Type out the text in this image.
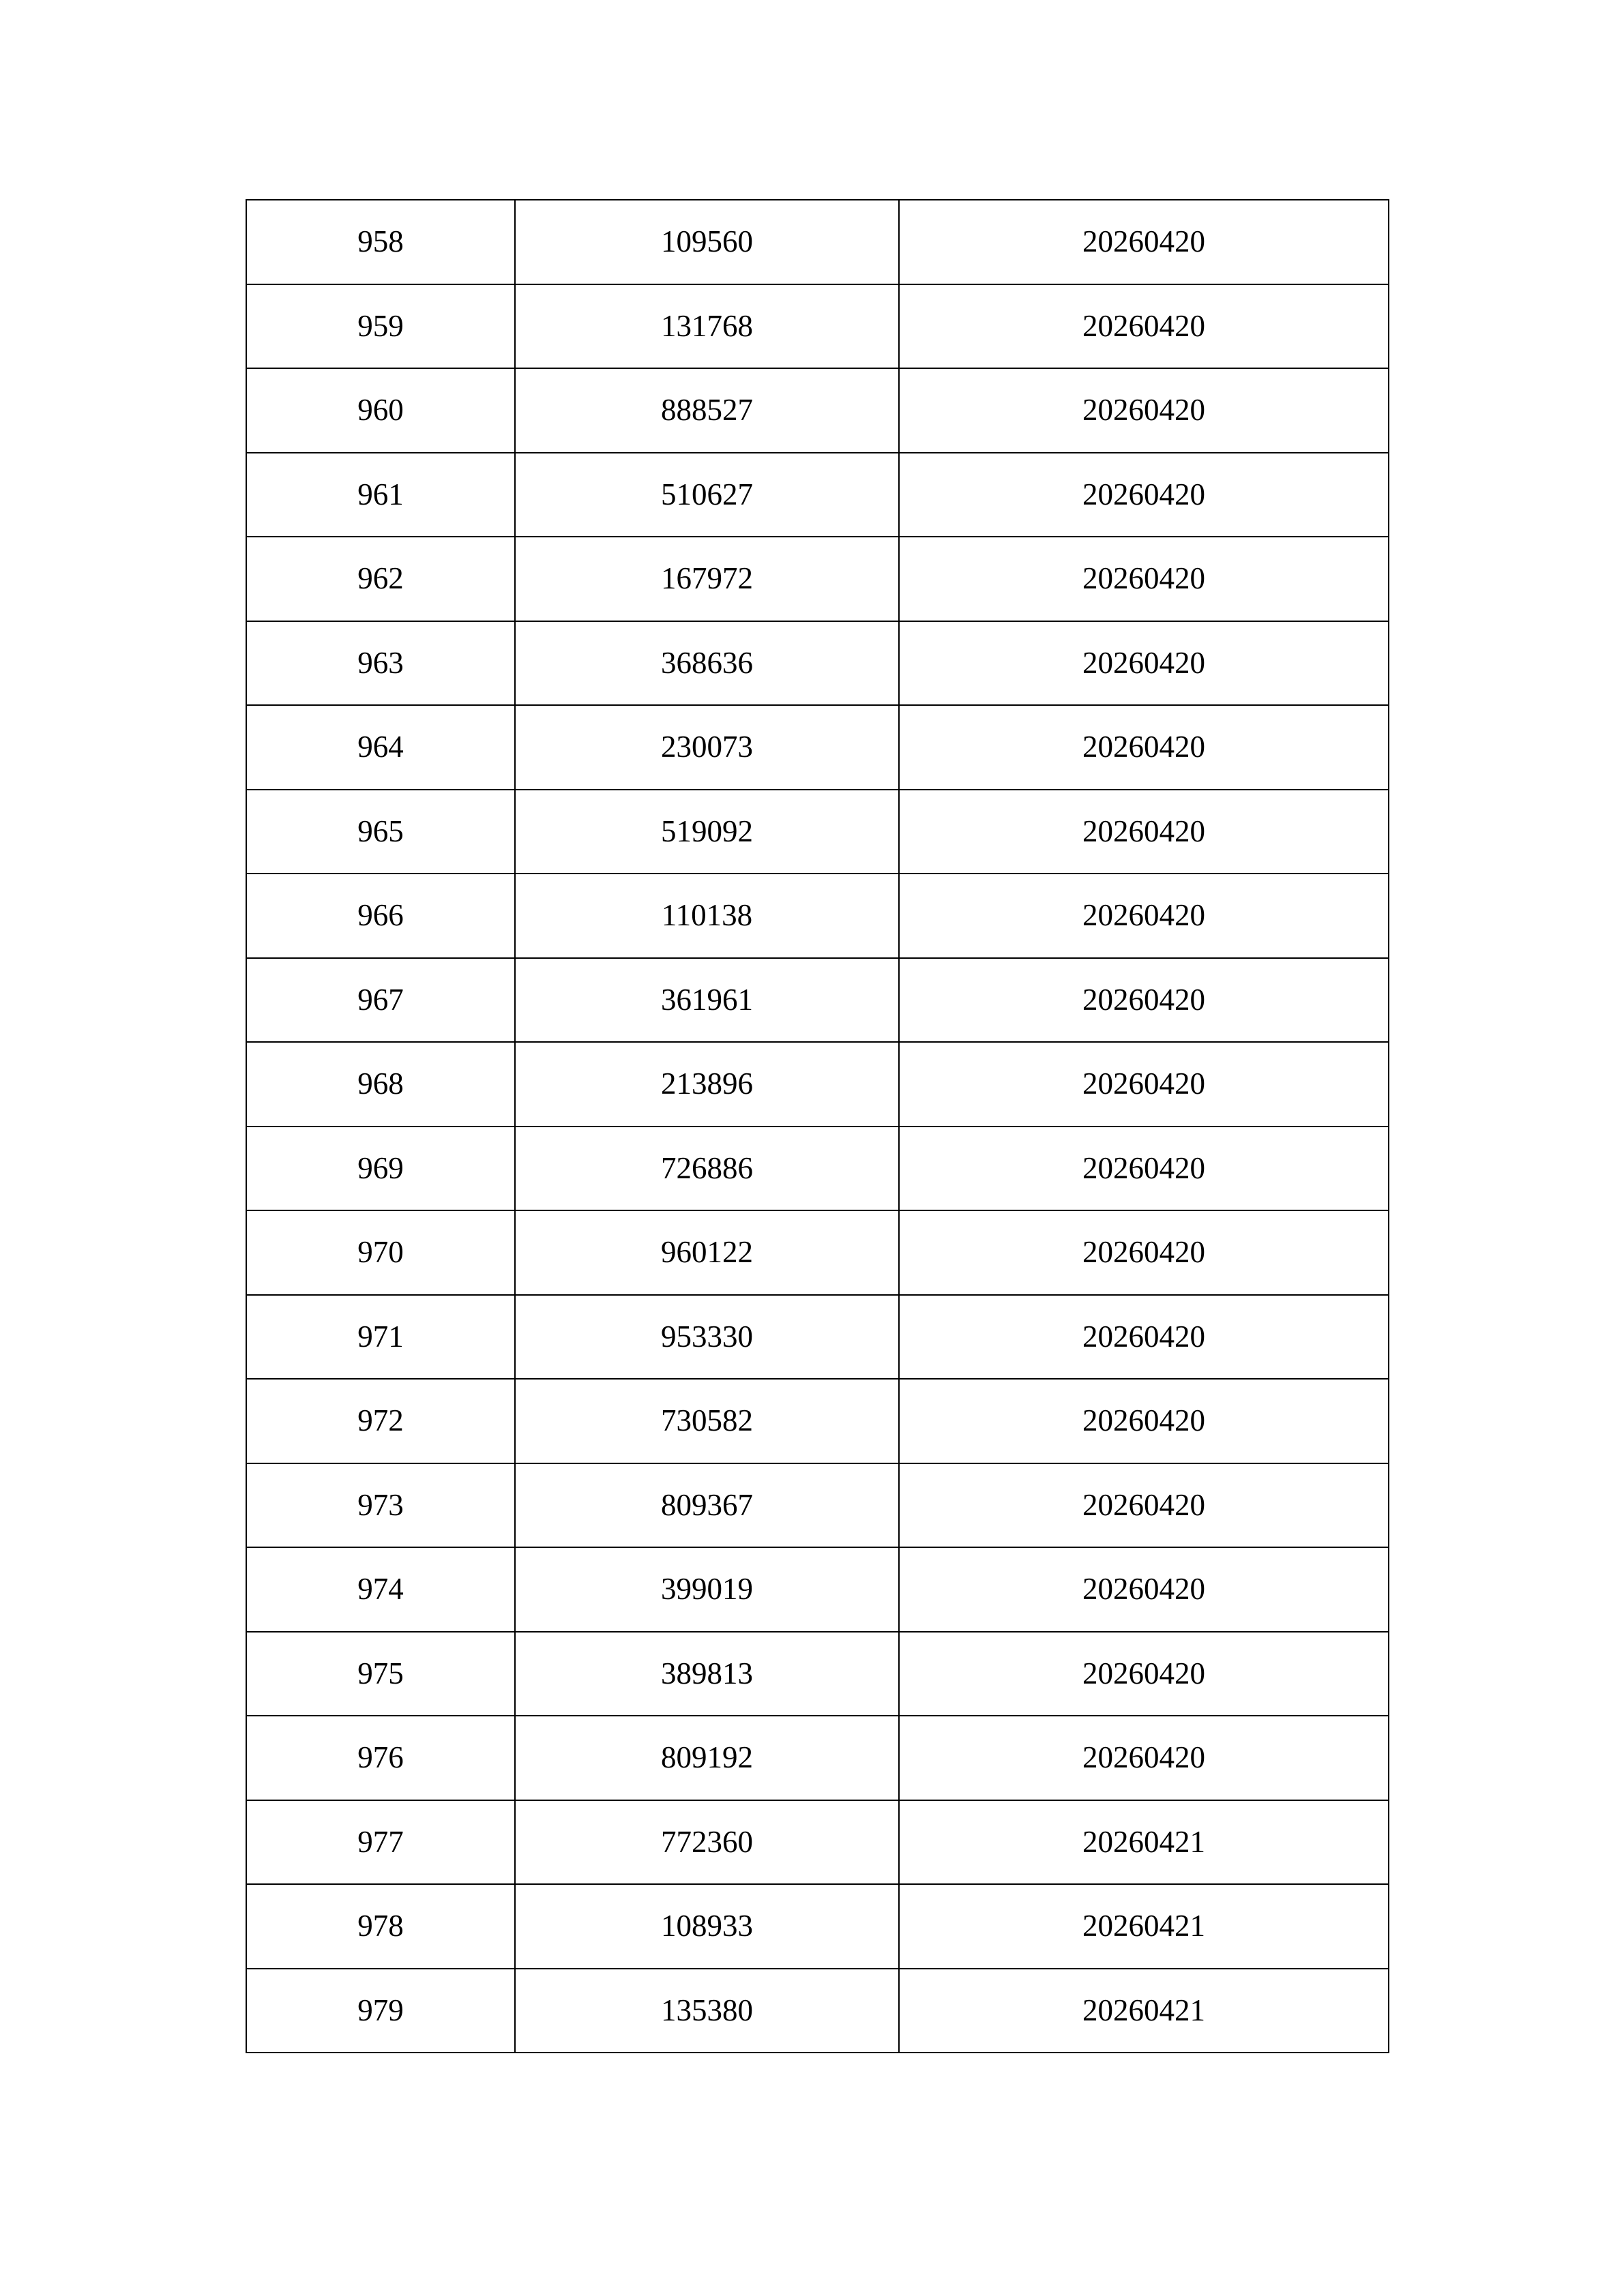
958	109560	20260420
959	131768	20260420
960	888527	20260420
961	510627	20260420
962	167972	20260420
963	368636	20260420
964	230073	20260420
965	519092	20260420
966	110138	20260420
967	361961	20260420
968	213896	20260420
969	726886	20260420
970	960122	20260420
971	953330	20260420
972	730582	20260420
973	809367	20260420
974	399019	20260420
975	389813	20260420
976	809192	20260420
977	772360	20260421
978	108933	20260421
979	135380	20260421
